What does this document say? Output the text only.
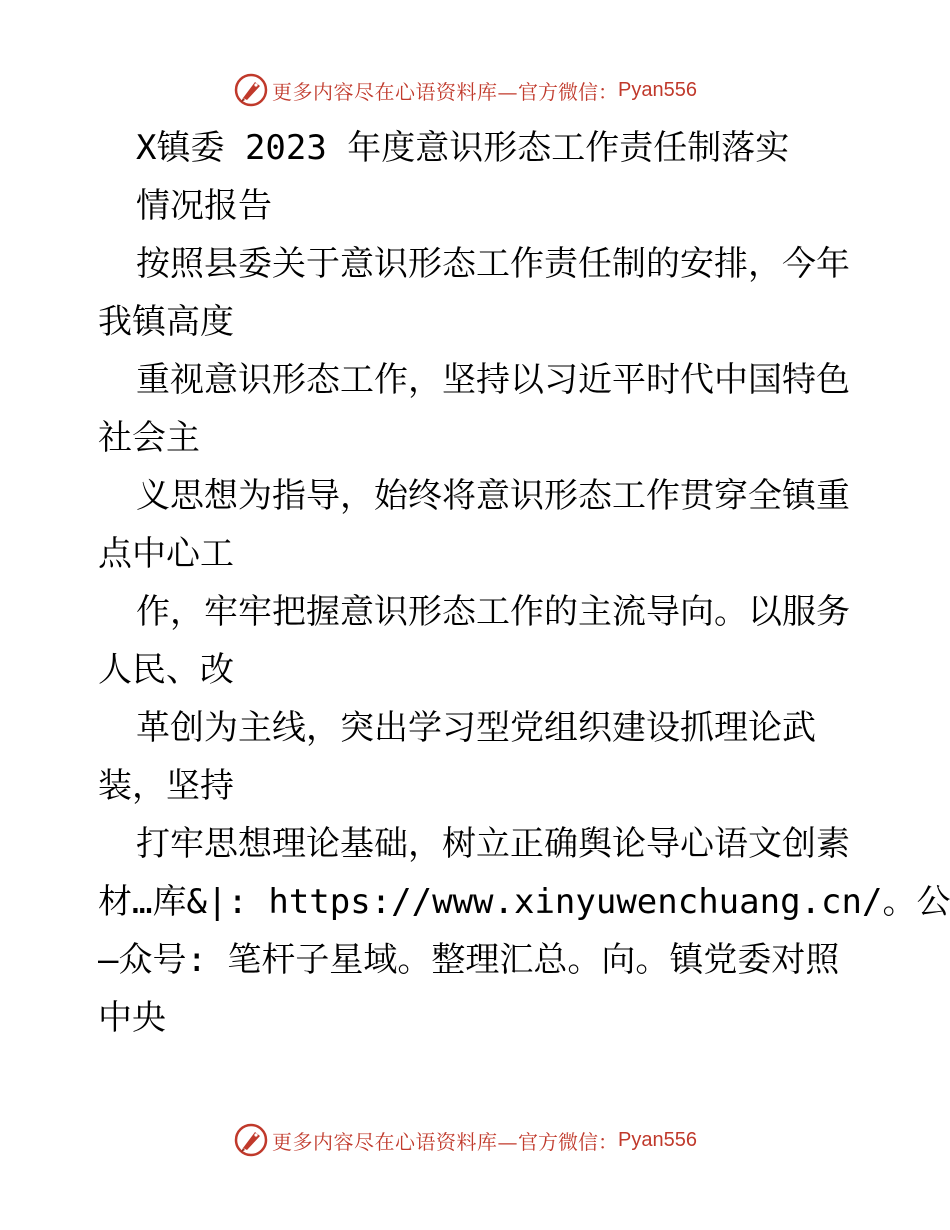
更多内容尽在心语资料库— 官方微信： Pyan556
X镇委 2023 年度意识形态工作责任制落实
情况报告
按照县委关于意识形态工作责任制的安排，今年
我镇高度
重视意识形态工作，坚持以习近平时代中国特色
社会主
义思想为指导，始终将意识形态工作贯穿全镇重
点中心工
作，牢牢把握意识形态工作的主流导向。以服务
人民、改
革创为主线，突出学习型党组织建设抓理论武
装，坚持
打牢思想理论基础，树立正确舆论导心语文创素
材…库&|: https://www.xinyuwenchuang.cn/。公
—众号: 笔杆子星域。整理汇总。向。镇党委对照
中央
更多内容尽在心语资料库— 官方微信： Pyan556
